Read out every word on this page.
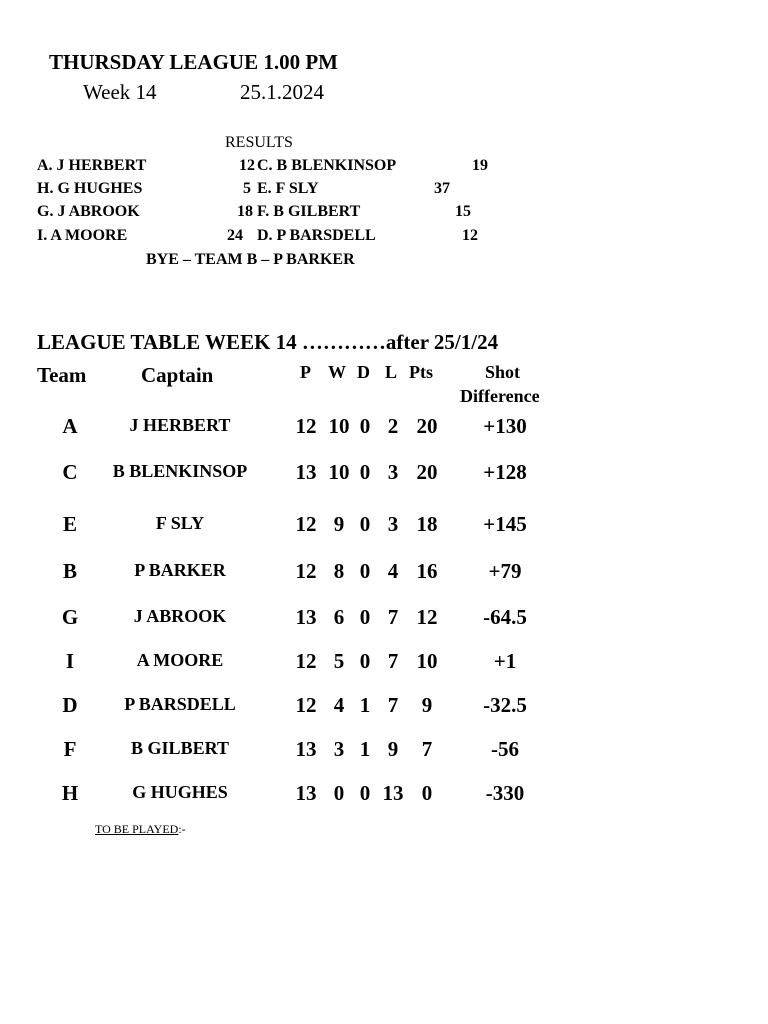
THURSDAY LEAGUE 1.00 PM
Week 14	25.1.2024
RESULTS
A. J HERBERT	12 C. B BLENKINSOP	19
H. G HUGHES	5 E. F SLY	37
G. J ABROOK	18 F. B GILBERT	15
I. A MOORE	24 D. P BARSDELL	12
BYE – TEAM B – P BARKER
LEAGUE TABLE WEEK 14 …………after 25/1/24
Team	Captain	P W D L Pts	Shot
Difference
A	J HERBERT	12 10 0 2 20	+130
C	B BLENKINSOP 13 10 0 3 20	+128
E	F SLY	12 9 0 3 18	+145
B	P BARKER	12 8 0 4 16	+79
G	J ABROOK	13 6 0 7 12	-64.5
I	A MOORE	12 5 0 7 10	+1
D	P BARSDELL	12 4 1 7	9	-32.5
F	B GILBERT	13 3 1 9	7	-56
H	G HUGHES	13 0 0 13 0	-330
TO BE PLAYED:-
